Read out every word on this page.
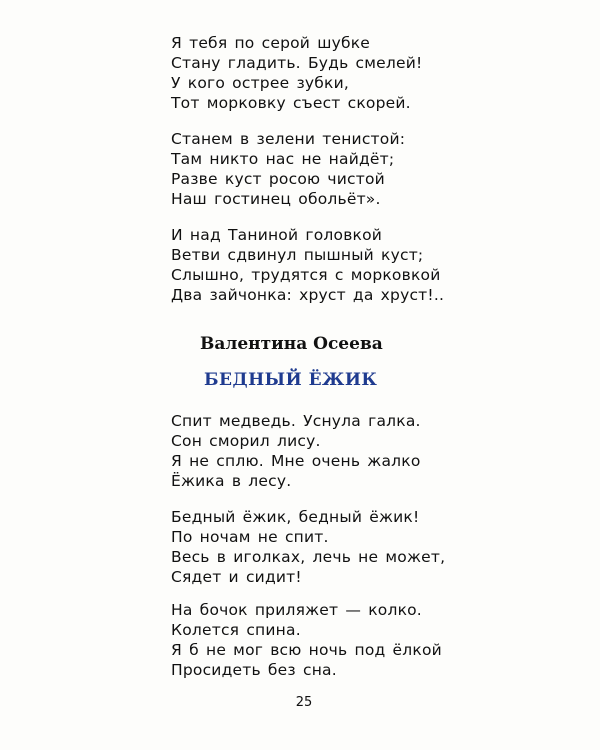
Я тебя по серой шубке
Стану гладить. Будь смелей!
У кого острее зубки,
Тот морковку съест скорей.
Станем в зелени тенистой:
Там никто нас не найдёт;
Разве куст росою чистой
Наш гостинец обольёт».
И над Таниной головкой
Ветви сдвинул пышный куст;
Слышно, трудятся с морковкой
Два зайчонка: хруст да хруст!..
Валентина Осеева
БЕДНЫЙ ЁЖИК
Спит медведь. Уснула галка.
Сон сморил лису.
Я не сплю. Мне очень жалко
Ёжика в лесу.
Бедный ёжик, бедный ёжик!
По ночам не спит.
Весь в иголках, лечь не может,
Сядет и сидит!
На бочок приляжет — колко.
Колется спина.
Я б не мог всю ночь под ёлкой
Просидеть без сна.
25
